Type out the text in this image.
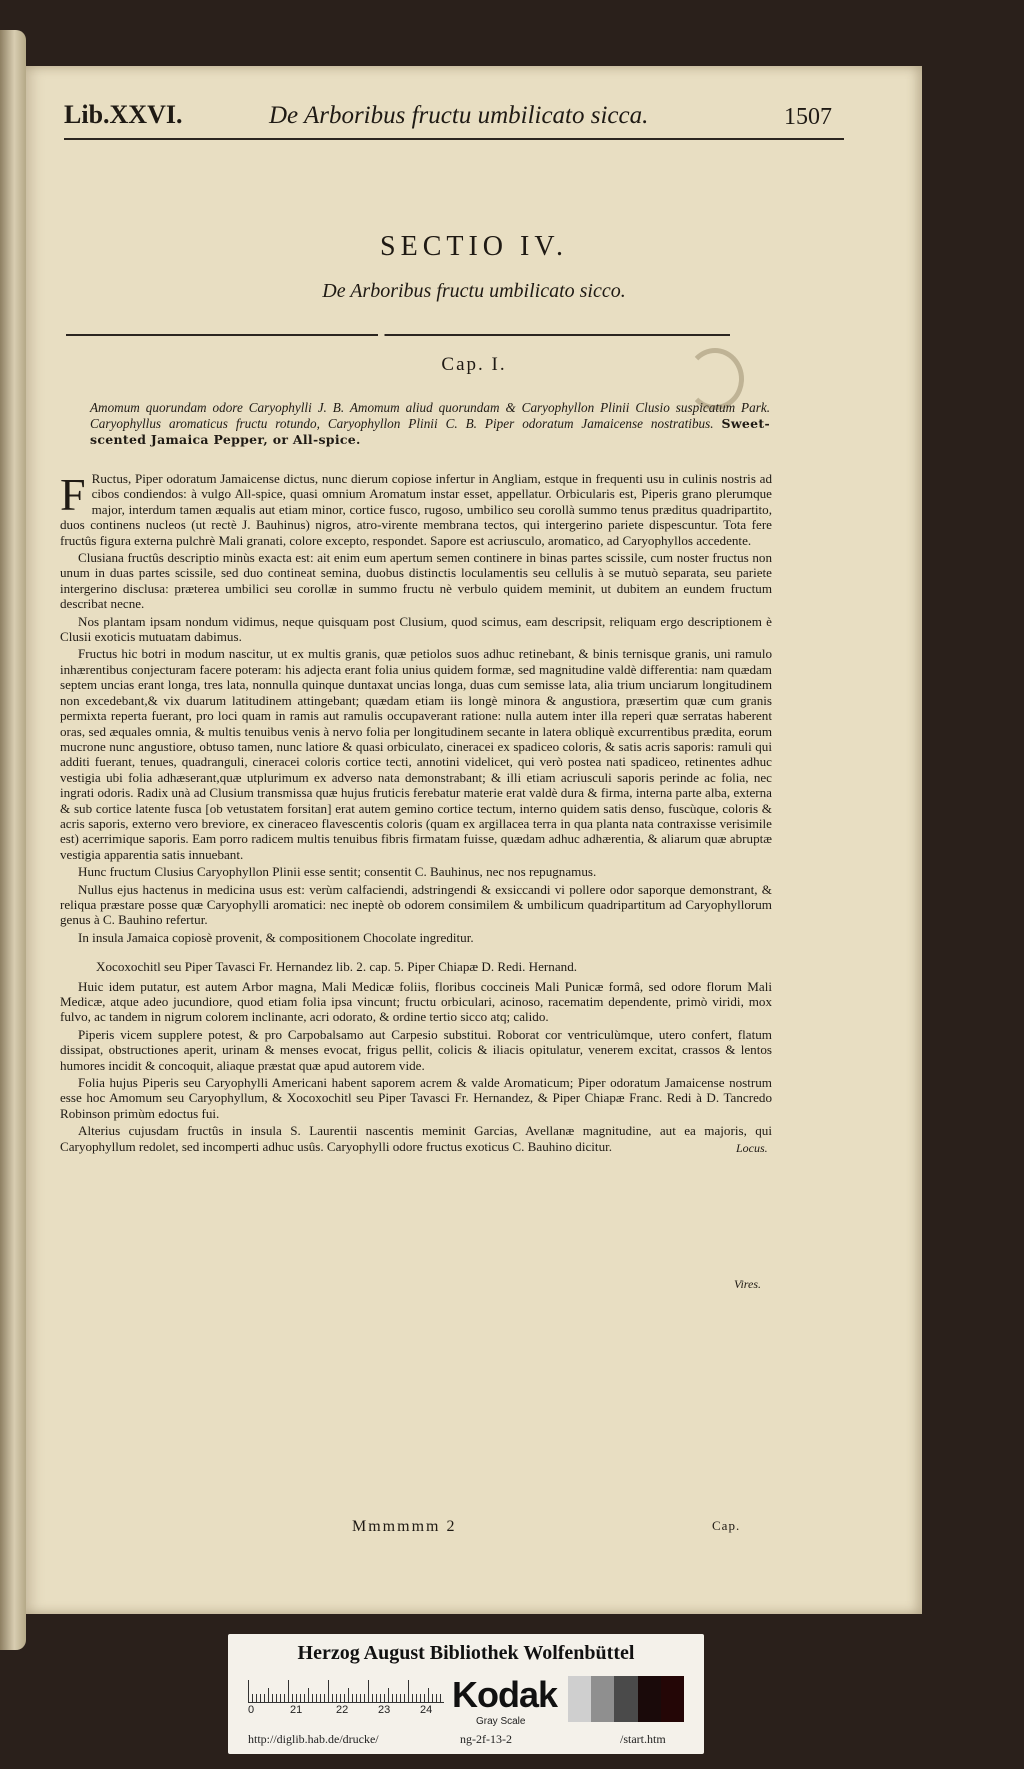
Lib.XXVI.	De Arboribus fructu umbilicato sicca.	1507
SECTIO IV.
De Arboribus fructu umbilicato sicco.
Cap. I.
Amomum quorundam odore Caryophylli J. B. Amomum aliud quorundam & Caryophyllon Plinii Clusio suspicatum Park. Caryophyllus aromaticus fructu rotundo, Caryophyllon Plinii C. B. Piper odoratum Jamaicense nostratibus. Sweet-scented Jamaica Pepper, or All-spice.

F Ructus, Piper odoratum Jamaicense dictus, nunc dierum copiose infertur in Angliam, estque in frequenti usu in culinis nostris ad cibos condiendos: à vulgo All-spice, quasi omnium Aromatum instar esset, appellatur. Orbicularis est, Piperis grano plerumque major, interdum tamen æqualis aut etiam minor, cortice fusco, rugoso, umbilico seu corollà summo tenus præditus quadripartito, duos continens nucleos (ut rectè J. Bauhinus) nigros, atro-virente membrana tectos, qui intergerino pariete dispescuntur. Tota fere fructûs figura externa pulchrè Mali granati, colore excepto, respondet. Sapore est acriusculo, aromatico, ad Caryophyllos accedente.

Clusiana fructûs descriptio minùs exacta est: ait enim eum apertum semen continere in binas partes scissile, cum noster fructus non unum in duas partes scissile, sed duo contineat semina, duobus distinctis loculamentis seu cellulis à se mutuò separata, seu pariete intergerino disclusa: præterea umbilici seu corollæ in summo fructu nè verbulo quidem meminit, ut dubitem an eundem fructum describat necne.

Nos plantam ipsam nondum vidimus, neque quisquam post Clusium, quod scimus, eam descripsit, reliquam ergo descriptionem è Clusii exoticis mutuatam dabimus.

Fructus hic botri in modum nascitur, ut ex multis granis, quæ petiolos suos adhuc retinebant, & binis ternisque granis, uni ramulo inhærentibus conjecturam facere poteram: his adjecta erant folia unius quidem formæ, sed magnitudine valdè differentia: nam quædam septem uncias erant longa, tres lata, nonnulla quinque duntaxat uncias longa, duas cum semisse lata, alia trium unciarum longitudinem non excedebant,& vix duarum latitudinem attingebant; quædam etiam iis longè minora & angustiora, præsertim quæ cum granis permixta reperta fuerant, pro loci quam in ramis aut ramulis occupaverant ratione: nulla autem inter illa reperi quæ serratas haberent oras, sed æquales omnia, & multis tenuibus venis à nervo folia per longitudinem secante in latera obliquè excurrentibus prædita, eorum mucrone nunc angustiore, obtuso tamen, nunc latiore & quasi orbiculato, cineracei ex spadiceo coloris, & satis acris saporis: ramuli qui additi fuerant, tenues, quadranguli, cineracei coloris cortice tecti, annotini videlicet, qui verò postea nati spadiceo, retinentes adhuc vestigia ubi folia adhæserant,quæ utplurimum ex adverso nata demonstrabant; & illi etiam acriusculi saporis perinde ac folia, nec ingrati odoris. Radix unà ad Clusium transmissa quæ hujus fruticis ferebatur materie erat valdè dura & firma, interna parte alba, externa & sub cortice latente fusca [ob vetustatem forsitan] erat autem gemino cortice tectum, interno quidem satis denso, fuscùque, coloris & acris saporis, externo vero breviore, ex cineraceo flavescentis coloris (quam ex argillacea terra in qua planta nata contraxisse verisimile est) acerrimique saporis. Eam porro radicem multis tenuibus fibris firmatam fuisse, quædam adhuc adhærentia, & aliarum quæ abruptæ vestigia apparentia satis innuebant.

Hunc fructum Clusius Caryophyllon Plinii esse sentit; consentit C. Bauhinus, nec nos repugnamus.

Nullus ejus hactenus in medicina usus est: verùm calfaciendi, adstringendi & exsiccandi vi pollere odor saporque demonstrant, & reliqua præstare posse quæ Caryophylli aromatici: nec ineptè ob odorem consimilem & umbilicum quadripartitum ad Caryophyllorum genus à C. Bauhino refertur.

In insula Jamaica copiosè provenit, & compositionem Chocolate ingreditur.

Xocoxochitl seu Piper Tavasci Fr. Hernandez lib. 2. cap. 5. Piper Chiapæ D. Redi. Hernand.

Huic idem putatur, est autem Arbor magna, Mali Medicæ foliis, floribus coccineis Mali Punicæ formâ, sed odore florum Mali Medicæ, atque adeo jucundiore, quod etiam folia ipsa vincunt; fructu orbiculari, acinoso, racematim dependente, primò viridi, mox fulvo, ac tandem in nigrum colorem inclinante, acri odorato, & ordine tertio sicco atq; calido.

Piperis vicem supplere potest, & pro Carpobalsamo aut Carpesio substitui. Roborat cor ventriculùmque, utero confert, flatum dissipat, obstructiones aperit, urinam & menses evocat, frigus pellit, colicis & iliacis opitulatur, venerem excitat, crassos & lentos humores incidit & concoquit, aliaque præstat quæ apud autorem vide.

Folia hujus Piperis seu Caryophylli Americani habent saporem acrem & valde Aromaticum; Piper odoratum Jamaicense nostrum esse hoc Amomum seu Caryophyllum, & Xocoxochitl seu Piper Tavasci Fr. Hernandez, & Piper Chiapæ Franc. Redi à D. Tancredo Robinson primùm edoctus fui.

Alterius cujusdam fructûs in insula S. Laurentii nascentis meminit Garcias, Avellanæ magnitudine, aut ea majoris, qui Caryophyllum redolet, sed incomperti adhuc usûs. Caryophylli odore fructus exoticus C. Bauhino dicitur.	Locus.
Vires.
Mmmmmm 2	Cap.
Herzog August Bibliothek Wolfenbüttel
0	21	22	23	24 Kodak
Gray Scale
http://diglib.hab.de/drucke/	ng-2f-13-2	/start.htm
